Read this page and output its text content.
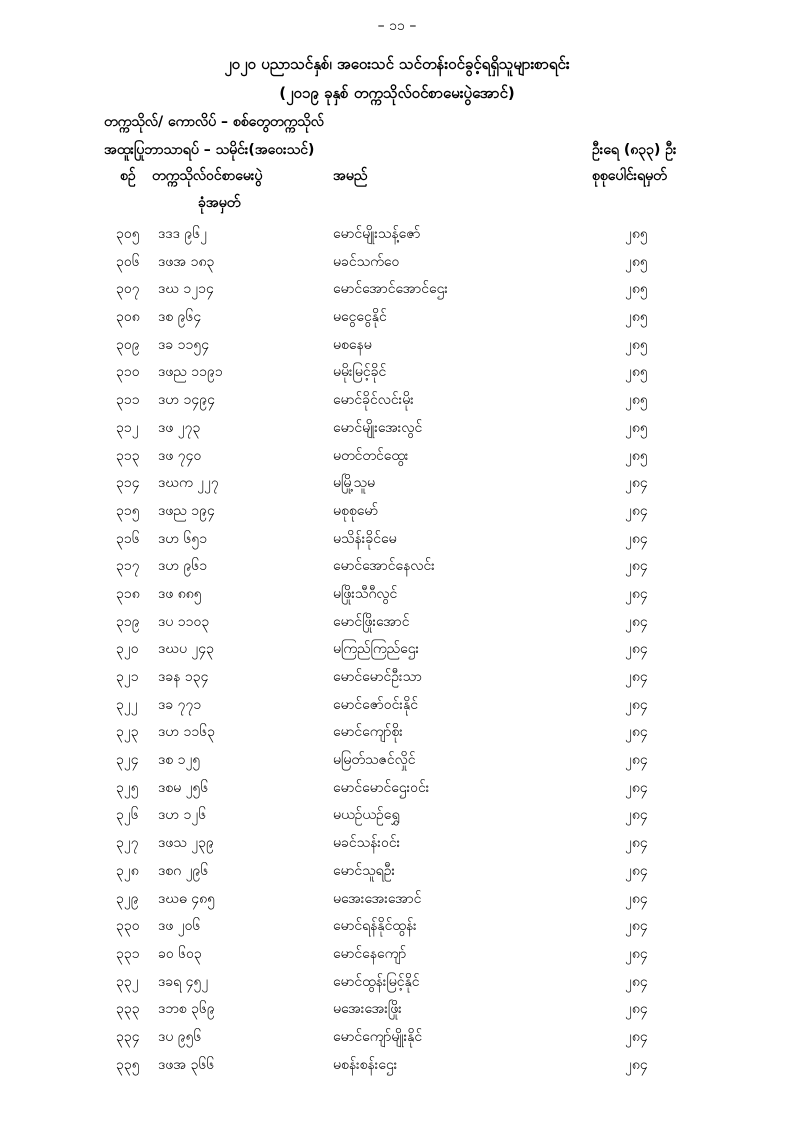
– ၁၁ –
၂၀၂၀ ပညာသင်နှစ်၊ အဝေးသင် သင်တန်းဝင်ခွင့်ရရှိသူများစာရင်း
(၂၀၁၉ ခုနှစ် တက္ကသိုလ်ဝင်စာမေးပွဲအောင်)
တက္ကသိုလ်/ ကောလိပ် – စစ်တွေတက္ကသိုလ်
အထူးပြုဘာသာရပ် – သမိုင်း(အဝေးသင်)	ဦးရေ (၈၃၃) ဦး
စဉ် တက္ကသိုလ်ဝင်စာမေးပွဲ
ခုံအမှတ်
အမည်	စုစုပေါင်းရမှတ်
၃၀၅ ဒဒဒ ၉၆၂	မောင်မျိုးသန့်ဇော်	၂၈၅
၃၀၆ ဒဖအ ၁၈၃	မခင်သက်ဝေ	၂၈၅
၃၀၇ ဒဃ ၁၂၁၄	မောင်အောင်အောင်ဌေး	၂၈၅
၃၀၈ ဒစ ၉၆၄	မငွေငွေနိုင်	၂၈၅
၃၀၉ ဒခ ၁၁၅၄	မစနေမ	၂၈၅
၃၁၀ ဒဖည ၁၁၉၁	မမိုးမြင့်ခိုင်	၂၈၅
၃၁၁ ဒဟ ၁၄၉၄	မောင်ခိုင်လင်းမိုး	၂၈၅
၃၁၂ ဒဖ ၂၇၃	မောင်မျိုးအေးလွင်	၂၈၅
၃၁၃ ဒဖ ၇၄၀	မတင်တင်ထွေး	၂၈၅
၃၁၄ ဒဃက ၂၂၇	မမြို့သူမ	၂၈၄
၃၁၅ ဒဖည ၁၉၄	မစုစုမော်	၂၈၄
၃၁၆ ဒဟ ၆၅၁	မသိန်းခိုင်မေ	၂၈၄
၃၁၇ ဒဟ ၉၆၁	မောင်အောင်နေလင်း	၂၈၄
၃၁၈ ဒဖ ၈၈၅	မဖြိုးသီဂီလွင်	၂၈၄
၃၁၉ ဒပ ၁၁၀၃	မောင်ဖြိုးအောင်	၂၈၄
၃၂၀ ဒဃပ ၂၄၃	မကြည်ကြည်ဌေး	၂၈၄
၃၂၁ ဒခန ၁၃၄	မောင်မောင်ဦးသာ	၂၈၄
၃၂၂ ဒခ ၇၇၁	မောင်ဇော်ဝင်းနိုင်	၂၈၄
၃၂၃ ဒဟ ၁၁၆၃	မောင်ကျော်စိုး	၂၈၄
၃၂၄ ဒစ ၁၂၅	မမြတ်သဇင်လှိုင်	၂၈၄
၃၂၅ ဒစမ ၂၅၆	မောင်မောင်ဌေးဝင်း	၂၈၄
၃၂၆ ဒဟ ၁၂၆	မယဉ်ယဉ်ရွှေ	၂၈၄
၃၂၇ ဒဖသ ၂၃၉	မခင်သန်းဝင်း	၂၈၄
၃၂၈ ဒစဂ ၂၉၆	မောင်သူရဦး	၂၈၄
၃၂၉ ဒဃဓ ၄၈၅	မအေးအေးအောင်	၂၈၄
၃၃၀ ဒဖ ၂၀၆	မောင်ရန်နိုင်ထွန်း	၂၈၄
၃၃၁ ခဝ ၆၀၃	မောင်နေကျော်	၂၈၄
၃၃၂ ဒခရ ၄၅၂	မောင်ထွန်းမြင့်နိုင်	၂၈၄
၃၃၃ ဒဘစ ၃၆၉	မအေးအေးဖြိုး	၂၈၄
၃၃၄ ဒပ ၉၅၆	မောင်ကျော်မျိုးနိုင်	၂၈၄
၃၃၅ ဒဖအ ၃၆၆	မစန်းစန်းဌေး	၂၈၄
